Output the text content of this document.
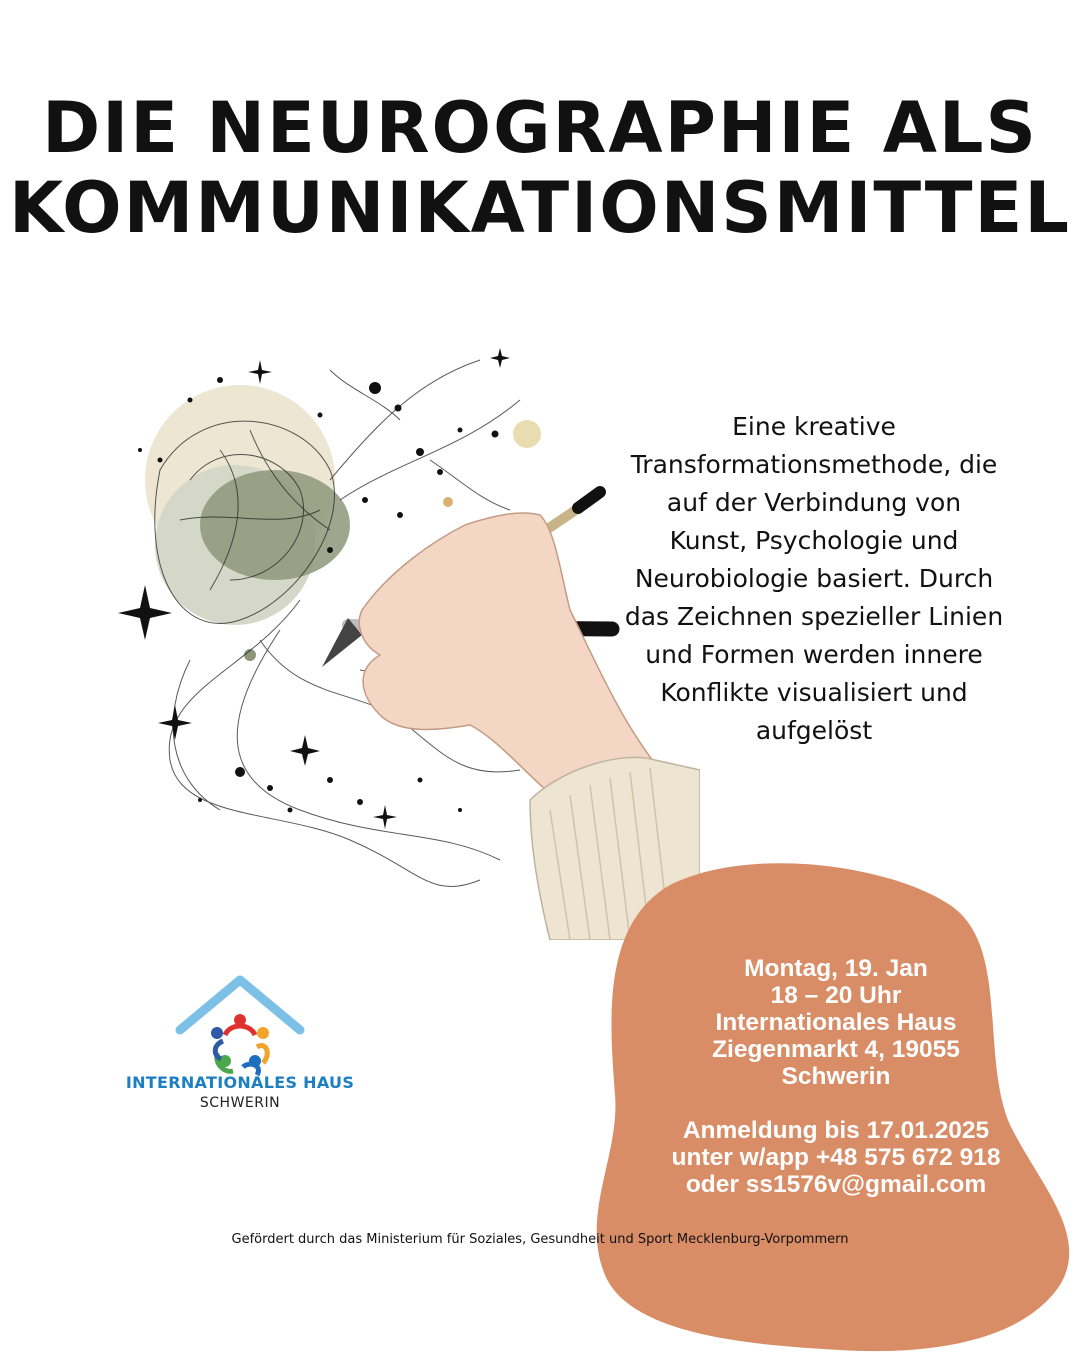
DIE NEUROGRAPHIE ALS
KOMMUNIKATIONSMITTEL
Eine kreative
Transformationsmethode, die
auf der Verbindung von
Kunst, Psychologie und
Neurobiologie basiert. Durch
das Zeichnen spezieller Linien
und Formen werden innere
Konflikte visualisiert und
aufgelöst
Montag, 19. Jan
18 – 20 Uhr
Internationales Haus
Ziegenmarkt 4, 19055
Schwerin
Anmeldung bis 17.01.2025
unter w/app +48 575 672 918
oder ss1576v@gmail.com
INTERNATIONALES HAUS
SCHWERIN
Gefördert durch das Ministerium für Soziales, Gesundheit und Sport Mecklenburg-Vorpommern
